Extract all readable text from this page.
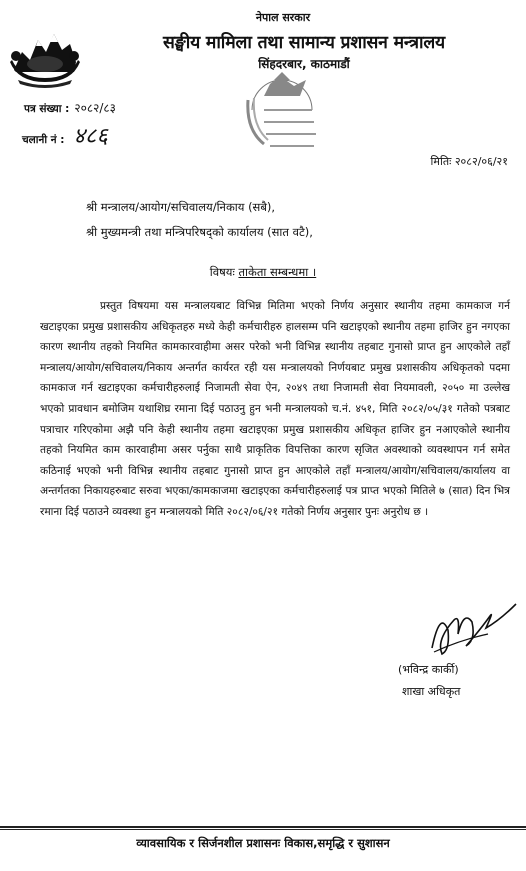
नेपाल सरकार
सङ्घीय मामिला तथा सामान्य प्रशासन मन्त्रालय
सिंहदरबार, काठमाडौं
पत्र संख्या : २०८२/८३
चलानी नं : ४८६
मितिः २०८२/०६/२१
श्री मन्त्रालय/आयोग/सचिवालय/निकाय (सबै),
श्री मुख्यमन्त्री तथा मन्त्रिपरिषद्को कार्यालय (सात वटै),
विषयः ताकेता सम्बन्धमा ।
प्रस्तुत विषयमा यस मन्त्रालयबाट विभिन्न मितिमा भएको निर्णय अनुसार स्थानीय तहमा कामकाज गर्न खटाइएका प्रमुख प्रशासकीय अधिकृतहरु मध्ये केही कर्मचारीहरु हालसम्म पनि खटाइएको स्थानीय तहमा हाजिर हुन नगएका कारण स्थानीय तहको नियमित कामकारवाहीमा असर परेको भनी विभिन्न स्थानीय तहबाट गुनासो प्राप्त हुन आएकोले तहाँ मन्त्रालय/आयोग/सचिवालय/निकाय अन्तर्गत कार्यरत रही यस मन्त्रालयको निर्णयबाट प्रमुख प्रशासकीय अधिकृतको पदमा कामकाज गर्न खटाइएका कर्मचारीहरुलाई निजामती सेवा ऐन, २०४९ तथा निजामती सेवा नियमावली, २०५० मा उल्लेख भएको प्रावधान बमोजिम यथाशिघ्र रमाना दिई पठाउनु हुन भनी मन्त्रालयको च.नं. ४५१, मिति २०८२/०५/३१ गतेको पत्रबाट पत्राचार गरिएकोमा अझै पनि केही स्थानीय तहमा खटाइएका प्रमुख प्रशासकीय अधिकृत हाजिर हुन नआएकोले स्थानीय तहको नियमित काम कारवाहीमा असर पर्नुका साथै प्राकृतिक विपत्तिका कारण सृजित अवस्थाको व्यवस्थापन गर्न समेत कठिनाई भएको भनी विभिन्न स्थानीय तहबाट गुनासो प्राप्त हुन आएकोले तहाँ मन्त्रालय/आयोग/सचिवालय/कार्यालय वा अन्तर्गतका निकायहरुबाट सरुवा भएका/कामकाजमा खटाइएका कर्मचारीहरुलाई पत्र प्राप्त भएको मितिले ७ (सात) दिन भित्र रमाना दिई पठाउने व्यवस्था हुन मन्त्रालयको मिति २०८२/०६/२१ गतेको निर्णय अनुसार पुनः अनुरोध छ ।
(भविन्द्र कार्की)
शाखा अधिकृत
व्यावसायिक र सिर्जनशील प्रशासनः विकास,समृद्धि र सुशासन
